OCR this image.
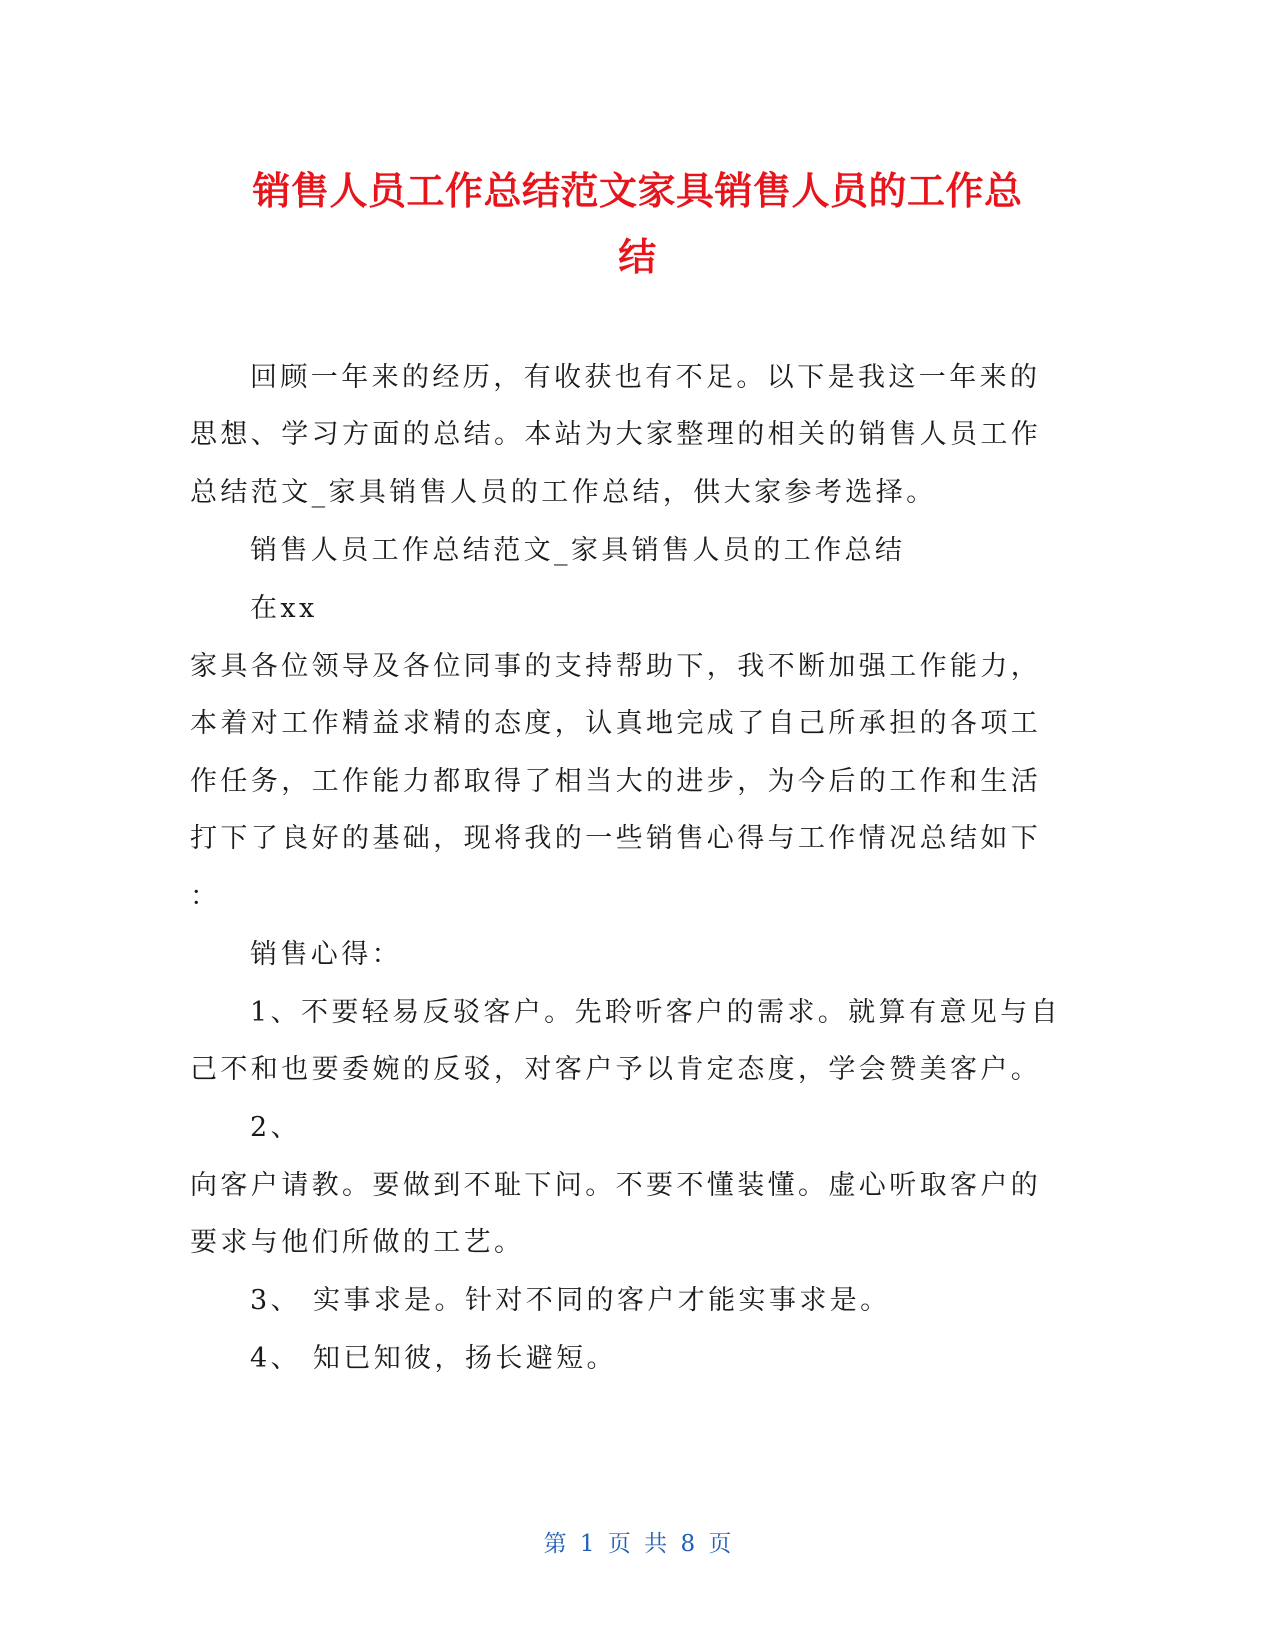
销售人员工作总结范文家具销售人员的工作总
结
回顾一年来的经历，有收获也有不足。以下是我这一年来的
思想、学习方面的总结。本站为大家整理的相关的销售人员工作
总结范文_家具销售人员的工作总结，供大家参考选择。
销售人员工作总结范文_家具销售人员的工作总结
在xx
家具各位领导及各位同事的支持帮助下，我不断加强工作能力，
本着对工作精益求精的态度，认真地完成了自己所承担的各项工
作任务，工作能力都取得了相当大的进步，为今后的工作和生活
打下了良好的基础，现将我的一些销售心得与工作情况总结如下
：
销售心得：
1、不要轻易反驳客户。先聆听客户的需求。就算有意见与自
己不和也要委婉的反驳，对客户予以肯定态度，学会赞美客户。
2、
向客户请教。要做到不耻下问。不要不懂装懂。虚心听取客户的
要求与他们所做的工艺。
3、 实事求是。针对不同的客户才能实事求是。
4、 知已知彼，扬长避短。
第 1 页 共 8 页
